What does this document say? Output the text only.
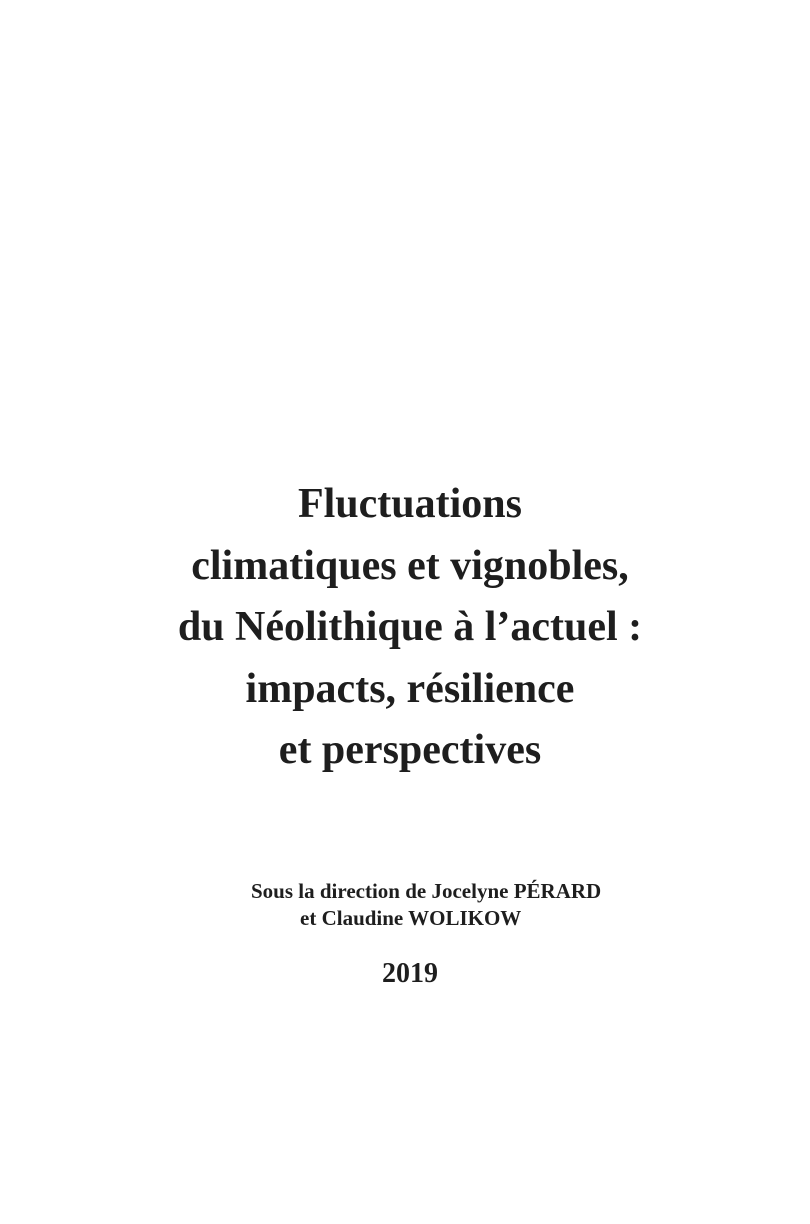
Fluctuations
climatiques et vignobles,
du Néolithique à l’actuel :
impacts, résilience
et perspectives
Sous la direction de Jocelyne PÉRARD
et Claudine WOLIKOW
2019
